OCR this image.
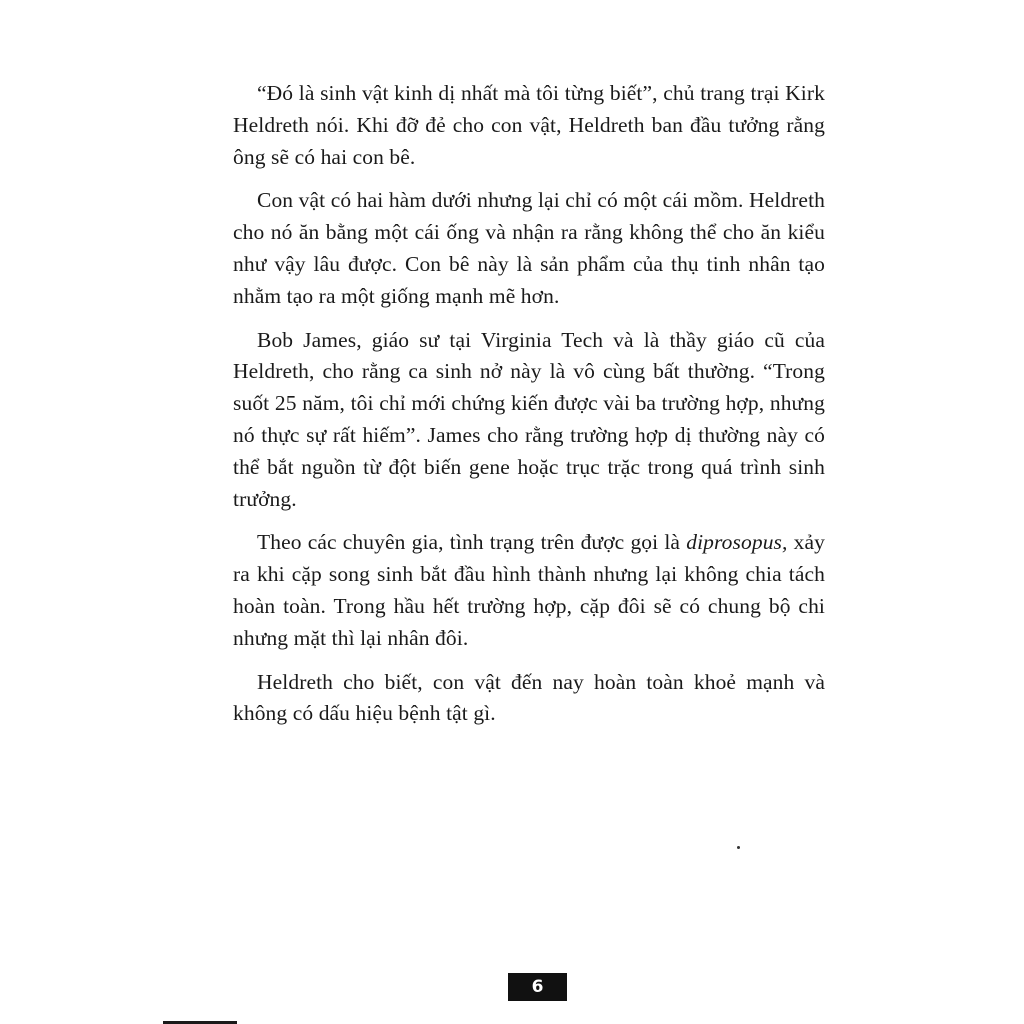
“Đó là sinh vật kinh dị nhất mà tôi từng biết”, chủ trang trại Kirk Heldreth nói. Khi đỡ đẻ cho con vật, Heldreth ban đầu tưởng rằng ông sẽ có hai con bê.

Con vật có hai hàm dưới nhưng lại chỉ có một cái mồm. Heldreth cho nó ăn bằng một cái ống và nhận ra rằng không thể cho ăn kiểu như vậy lâu được. Con bê này là sản phẩm của thụ tinh nhân tạo nhằm tạo ra một giống mạnh mẽ hơn.

Bob James, giáo sư tại Virginia Tech và là thầy giáo cũ của Heldreth, cho rằng ca sinh nở này là vô cùng bất thường. “Trong suốt 25 năm, tôi chỉ mới chứng kiến được vài ba trường hợp, nhưng nó thực sự rất hiếm”. James cho rằng trường hợp dị thường này có thể bắt nguồn từ đột biến gene hoặc trục trặc trong quá trình sinh trưởng.

Theo các chuyên gia, tình trạng trên được gọi là diprosopus, xảy ra khi cặp song sinh bắt đầu hình thành nhưng lại không chia tách hoàn toàn. Trong hầu hết trường hợp, cặp đôi sẽ có chung bộ chi nhưng mặt thì lại nhân đôi.

Heldreth cho biết, con vật đến nay hoàn toàn khoẻ mạnh và không có dấu hiệu bệnh tật gì.

6
